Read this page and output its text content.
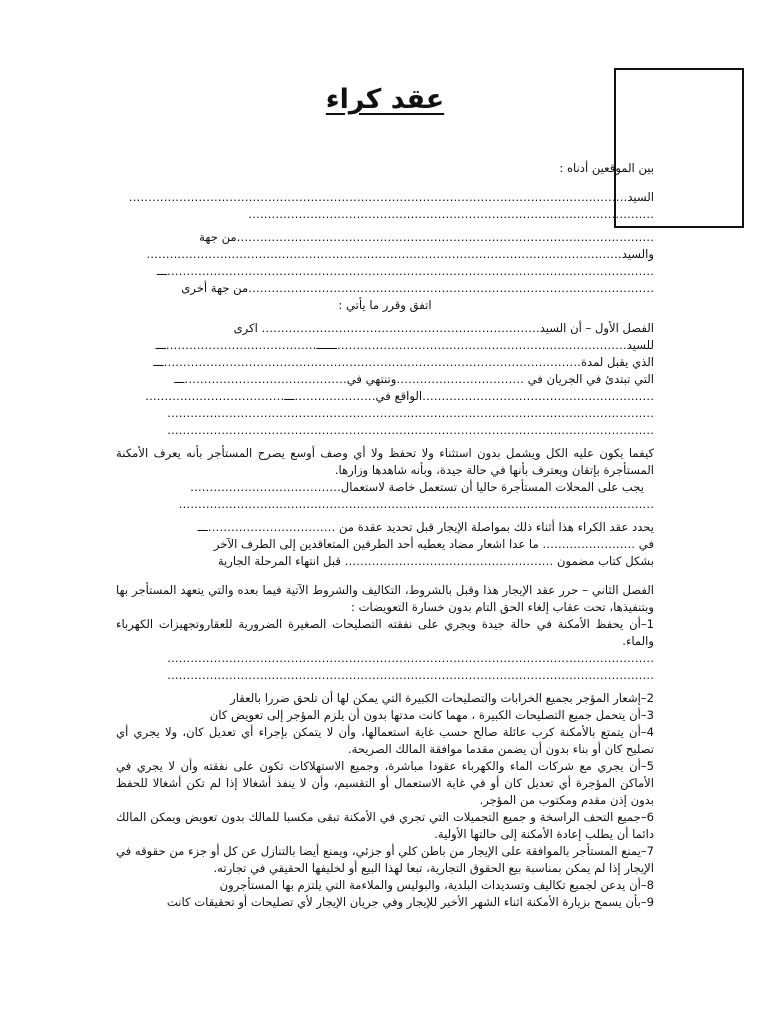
عقد كراء

بين الموقعين أدناه :

السيد…………………………………………………………………………………………………………………

……………………………………………………………………………………………

………………………………………………………………………………………………من جهة

والسيد……………………………………………………………………………………………………………

………………………………………………………………………………………………………………ـــ

……………………………………………………………………………………………من جهة أخرى

اتفق وقرر ما يأتي :

الفصل الأول – أن السيد……………………………………………………………… اكرى

للسيد…………………………………………………………………ــــــ…………………………………ـــ

الذي يقبل لمدة………………………………………………………………………………………………ـــ

التي تبتدئ في الجريان في ……………………………وتنتهي في……………………………………ـــ

……………………………………………………الواقع في…………………ـــ………………………………

………………………………………………………………………………………………………………

………………………………………………………………………………………………………………

كيفما يكون عليه الكل ويشمل بدون استثناء ولا تحفظ ولا أي وصف أوسع يصرح المستأجر بأنه يعرف الأمكنة المستأجرة بإتقان ويعترف بأنها في حالة جيدة، وبأنه شاهدها وزارها.

يجب على المحلات المستأجرة حاليا أن تستعمل خاصة لاستعمال…………………………………

……………………………………………………………………………………………………………

يحدد عقد الكراء هذا أثناء ذلك بمواصلة الإيجار قبل تحديد عقدة من ……………………………ـــ

في …………………… ما عدا اشعار مضاد يعطيه أحد الطرفين المتعاقدين إلى الطرف الآخر

بشكل كتاب مضمون ……………………………………………… قبل انتهاء المرحلة الجارية

الفصل الثاني – حرر عقد الإيجار هذا وقبل بالشروط، التكاليف والشروط الآتية فيما بعده والتي يتعهد المستأجر بها وبتنفيذها، تحت عقاب إلغاء الحق التام بدون خسارة التعويضات :

1–أن يحفظ الأمكنة في حالة جيدة ويجري على نفقته التصليحات الصغيرة الضرورية للعقاروتجهيزات الكهرباء والماء.

………………………………………………………………………………………………………………

………………………………………………………………………………………………………………

2–إشعار المؤجر بجميع الخرابات والتصليحات الكبيرة التي يمكن لها أن تلحق ضررا بالعقار

3–أن يتحمل جميع التصليحات الكبيرة ، مهما كانت مدتها بدون أن يلزم المؤجر إلى تعويض كان

4–أن يتمتع بالأمكنة كرب عائلة صالح حسب غاية استعمالها، وأن لا يتمكن بإجراء أي تعديل كان، ولا يجري أي تصليح كان أو بناء بدون أن يضمن مقدما موافقة المالك الصريحة.

5–أن يجري مع شركات الماء والكهرباء عقودا مباشرة، وجميع الاستهلاكات تكون على نفقته وأن لا يجري في الأماكن المؤجرة أي تعديل كان أو في غاية الاستعمال أو التقسيم، وأن لا ينفذ أشغالا إذا لم تكن أشغالا للحفظ بدون إذن مقدم ومكتوب من المؤجر.

6–جميع التحف الراسخة و جميع التجميلات التي تجري في الأمكنة تبقى مكسبا للمالك بدون تعويض ويمكن المالك دائما أن يطلب إعادة الأمكنة إلى حالتها الأولية.

7–يمنع المستأجر بالموافقة على الإيجار من باطن كلي أو جزئي، ويمنع أيضا بالتنازل عن كل أو جزء من حقوقه في الإيجار إذا لم يمكن بمناسبة بيع الحقوق التجارية، تبعا لهذا البيع أو لخليفها الحقيقي في تجارته.

8–أن يدعن لجميع تكاليف وتسديدات البلدية، والبوليس والملاءمة التي يلتزم بها المستأجرون

9–بأن يسمح بزيارة الأمكنة اثناء الشهر الأخير للإيجار وفي جريان الإيجار لأي تصليحات أو تحقيقات كانت
